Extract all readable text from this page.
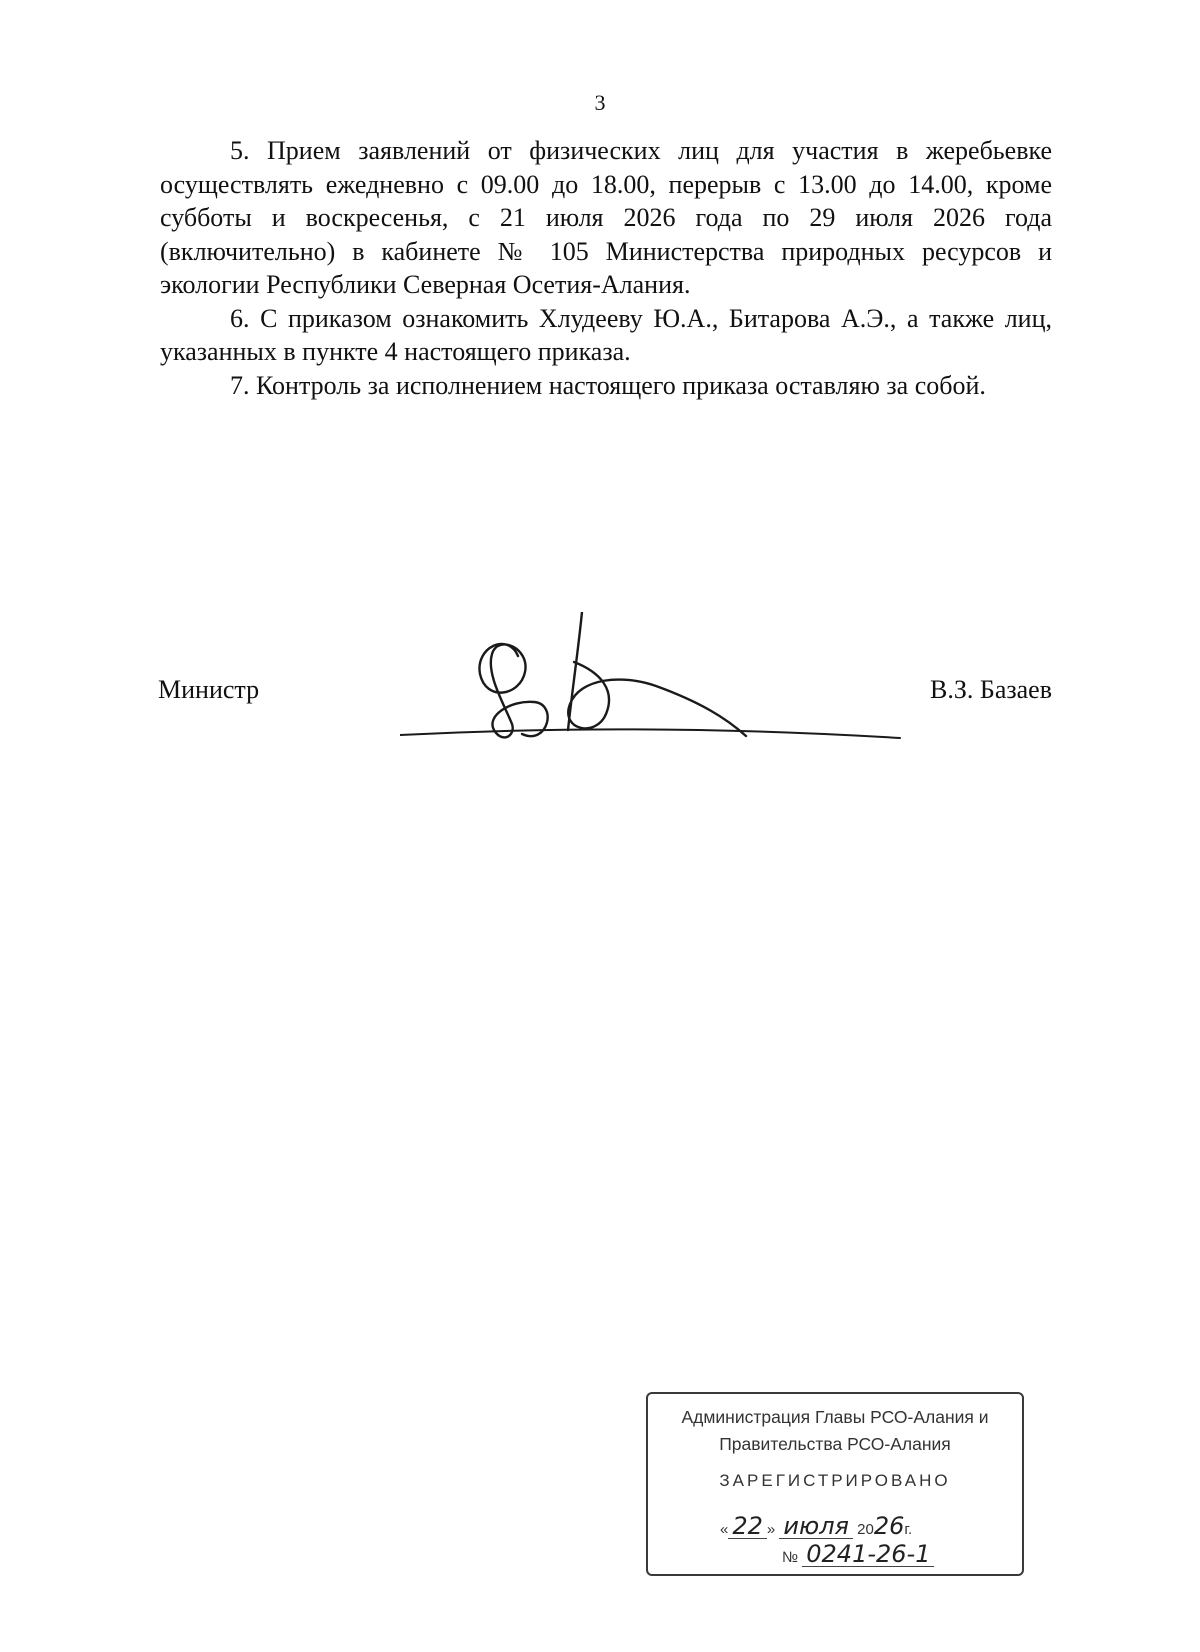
3

5. Прием заявлений от физических лиц для участия в жеребьевке осуществлять ежедневно с 09.00 до 18.00, перерыв с 13.00 до 14.00, кроме субботы и воскресенья, с 21 июля 2026 года по 29 июля 2026 года (включительно) в кабинете № 105 Министерства природных ресурсов и экологии Республики Северная Осетия-Алания.

6. С приказом ознакомить Хлудееву Ю.А., Битарова А.Э., а также лиц, указанных в пункте 4 настоящего приказа.

7. Контроль за исполнением настоящего приказа оставляю за собой.

Министр	В.З. Базаев
Администрация Главы РСО-Алания и
Правительства РСО-Алания
ЗАРЕГИСТРИРОВАНО
« 22 » июля 2026г.
№ 0241-26-1
